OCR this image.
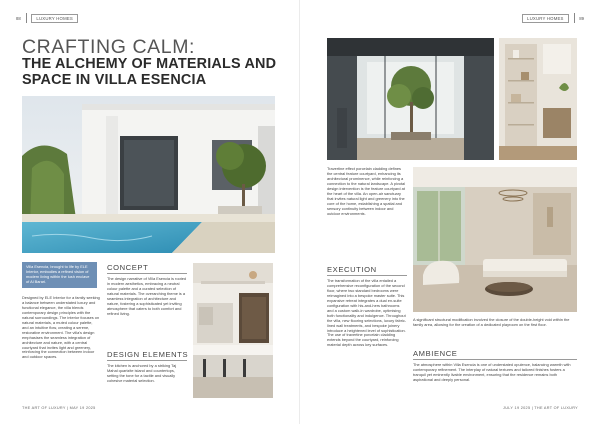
88	LUXURY HOMES
CRAFTING CALM:
THE ALCHEMY OF MATERIALS AND SPACE IN VILLA ESENCIA
Villa Esencia, brought to life by ELE Interior, embodies a refined vision of modern living within the lush enclave of Al Barari.
Designed by ELE Interior for a family seeking a balance between understated luxury and functional elegance, the villa blends contemporary design principles with the natural surroundings. The interior focuses on natural materials, a muted colour palette, and an intuitive flow, creating a serene, restorative environment. The villa's design emphasises the seamless integration of architecture and nature, with a central courtyard that invites light and greenery, reinforcing the connection between indoor and outdoor spaces.
CONCEPT
The design narrative of Villa Esencia is rooted in modern aesthetics, embracing a neutral colour palette and a curated selection of natural materials. The overarching theme is a seamless integration of architecture and nature, fostering a sophisticated yet inviting atmosphere that caters to both comfort and refined living.
DESIGN ELEMENTS
The kitchen is anchored by a striking Taj Mahal quartzite island and countertops, setting the tone for a tactile and visually cohesive material selection.
THE ART OF LUXURY | MAY 19 2025
LUXURY HOMES	89
Travertine effect porcelain cladding defines the central feature courtyard, enhancing its architectural prominence, while reinforcing a connection to the natural landscape. A pivotal design intervention is the feature courtyard at the heart of the villa. An open-air sanctuary that invites natural light and greenery into the core of the home, establishing a spatial and sensory continuity between indoor and outdoor environments.
EXECUTION
The transformation of the villa entailed a comprehensive reconfiguration of the second floor, where two standard bedrooms were reimagined into a bespoke master suite. This expansive retreat integrates a dual en-suite configuration with his-and-hers bathrooms and a custom walk-in wardrobe, optimising both functionality and indulgence. Throughout the villa, new flooring selections, luxury fabric-lined wall treatments, and bespoke joinery introduce a heightened level of sophistication. The use of travertine porcelain cladding extends beyond the courtyard, reinforcing material depth across key surfaces.
A significant structural modification involved the closure of the double-height void within the family area, allowing for the creation of a dedicated playroom on the first floor.
AMBIENCE
The atmosphere within Villa Esencia is one of understated opulence, balancing warmth with contemporary refinement. The interplay of natural textures and tailored finishes fosters a tranquil yet eminently livable environment, ensuring that the residence remains both aspirational and deeply personal.
JULY 19 2025 | THE ART OF LUXURY
